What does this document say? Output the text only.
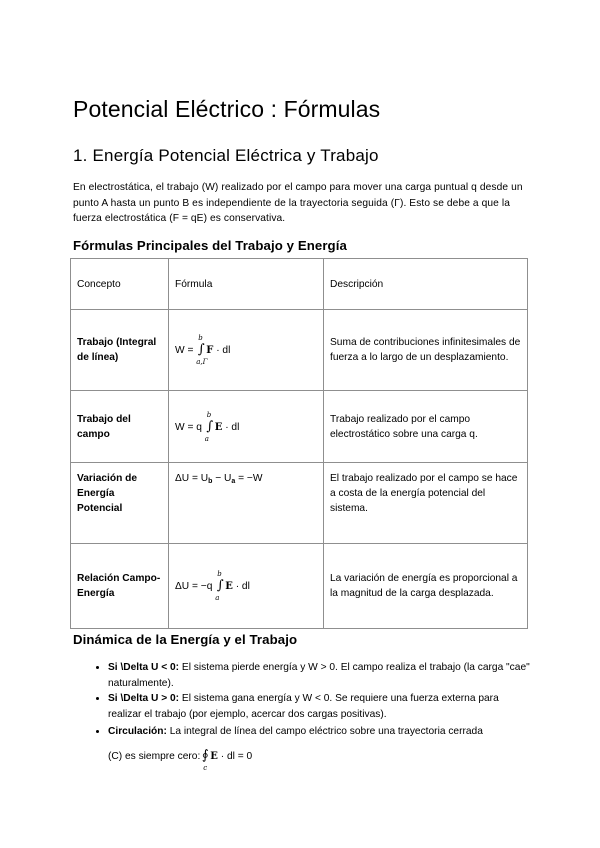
Potencial Eléctrico : Fórmulas
1. Energía Potencial Eléctrica y Trabajo

En electrostática, el trabajo (W) realizado por el campo para mover una carga puntual q desde un punto A hasta un punto B es independiente de la trayectoria seguida (Γ). Esto se debe a que la fuerza electrostática (F = qE) es conservativa.

Fórmulas Principales del Trabajo y Energía
Concepto	Fórmula	Descripción
Trabajo (Integral de línea)	W =
b
∫
a,Γ
F · dl	Suma de contribuciones infinitesimales de fuerza a lo largo de un desplazamiento.
Trabajo del campo	W = q
b
∫
a
E · dl	Trabajo realizado por el campo electrostático sobre una carga q.
Variación de Energía Potencial	$\Delta U = U_b - U_a = -W$	El trabajo realizado por el campo se hace a costa de la energía potencial del sistema.
Relación Campo-Energía	ΔU = −q
b
∫
a
E · dl	La variación de energía es proporcional a la magnitud de la carga desplazada.
Dinámica de la Energía y el Trabajo
• Si \Delta U < 0: El sistema pierde energía y W > 0. El campo realiza el trabajo (la carga "cae" naturalmente).
• Si \Delta U > 0: El sistema gana energía y W < 0. Se requiere una fuerza externa para realizar el trabajo (por ejemplo, acercar dos cargas positivas).
• Circulación: La integral de línea del campo eléctrico sobre una trayectoria cerrada
(C) es siempre cero: ∮
c
E · dl = 0
